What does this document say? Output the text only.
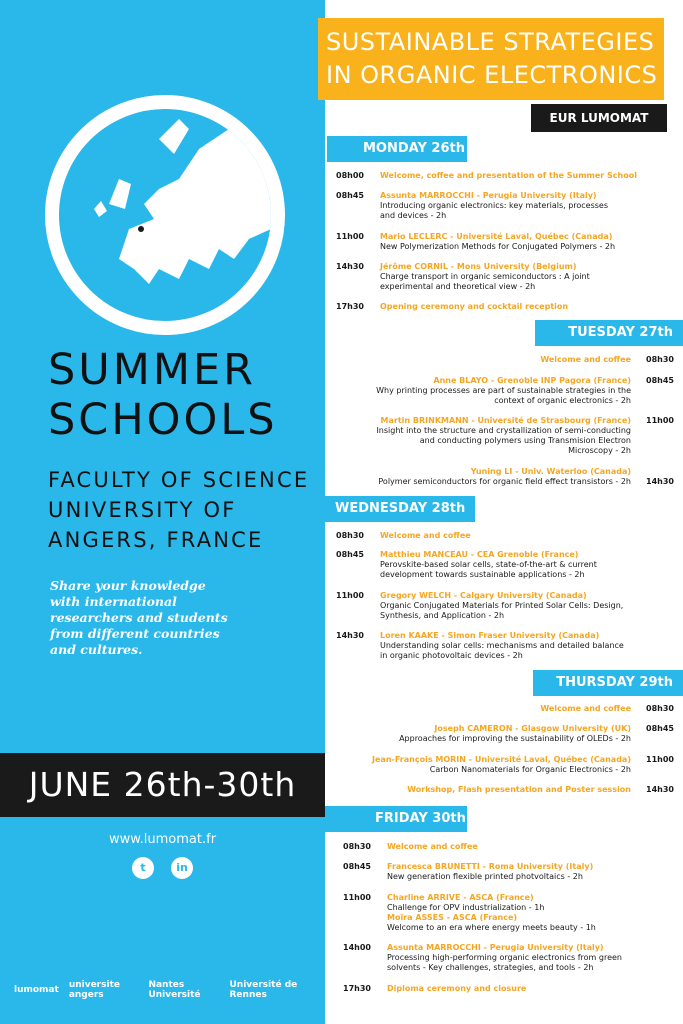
SUMMER
SCHOOLS
FACULTY OF SCIENCE
UNIVERSITY OF
ANGERS, FRANCE
Share your knowledge
with international
researchers and students
from different countries
and cultures.
JUNE 26th-30th
www.lumomat.fr
t	in
lumomat universite angers
Nantes Université
Université de Rennes
SUSTAINABLE STRATEGIES
IN ORGANIC ELECTRONICS
EUR LUMOMAT
MONDAY 26th
08h00 Welcome, coffee and presentation of the Summer School
08h45 Assunta MARROCCHI - Perugia University (Italy)
Introducing organic electronics: key materials, processes and devices - 2h
11h00 Mario LECLERC - Université Laval, Québec (Canada)
New Polymerization Methods for Conjugated Polymers - 2h
14h30 Jérôme CORNIL - Mons University (Belgium)
Charge transport in organic semiconductors : A joint experimental and theoretical view - 2h
17h30 Opening ceremony and cocktail reception
TUESDAY 27th
Welcome and coffee 08h30
Anne BLAYO - Grenoble INP Pagora (France)
Why printing processes are part of sustainable strategies in the context of organic electronics - 2h
08h45
Martin BRINKMANN - Université de Strasbourg (France)
Insight into the structure and crystallization of semi-conducting and conducting polymers using Transmision Electron Microscopy - 2h
11h00
Yuning LI - Univ. Waterloo (Canada)
Polymer semiconductors for organic field effect transistors - 2h 14h30
WEDNESDAY 28th
08h30 Welcome and coffee
08h45 Matthieu MANCEAU - CEA Grenoble (France)
Perovskite-based solar cells, state-of-the-art & current development towards sustainable applications - 2h
11h00 Gregory WELCH - Calgary University (Canada)
Organic Conjugated Materials for Printed Solar Cells: Design, Synthesis, and Application - 2h
14h30 Loren KAAKE - Simon Fraser University (Canada)
Understanding solar cells: mechanisms and detailed balance in organic photovoltaic devices - 2h
THURSDAY 29th
Welcome and coffee 08h30
Joseph CAMERON - Glasgow University (UK)
Approaches for improving the sustainability of OLEDs - 2h
08h45
Jean-François MORIN - Université Laval, Québec (Canada)
Carbon Nanomaterials for Organic Electronics - 2h
11h00
Workshop, Flash presentation and Poster session 14h30
FRIDAY 30th
08h30 Welcome and coffee
08h45 Francesca BRUNETTI - Roma University (Italy)
New generation flexible printed photvoltaics - 2h
11h00 Charline ARRIVE - ASCA (France)
Challenge for OPV industrialization - 1h
Moïra ASSES - ASCA (France)
Welcome to an era where energy meets beauty - 1h
14h00 Assunta MARROCCHI - Perugia University (Italy)
Processing high-performing organic electronics from green solvents - Key challenges, strategies, and tools - 2h
17h30 Diploma ceremony and closure
